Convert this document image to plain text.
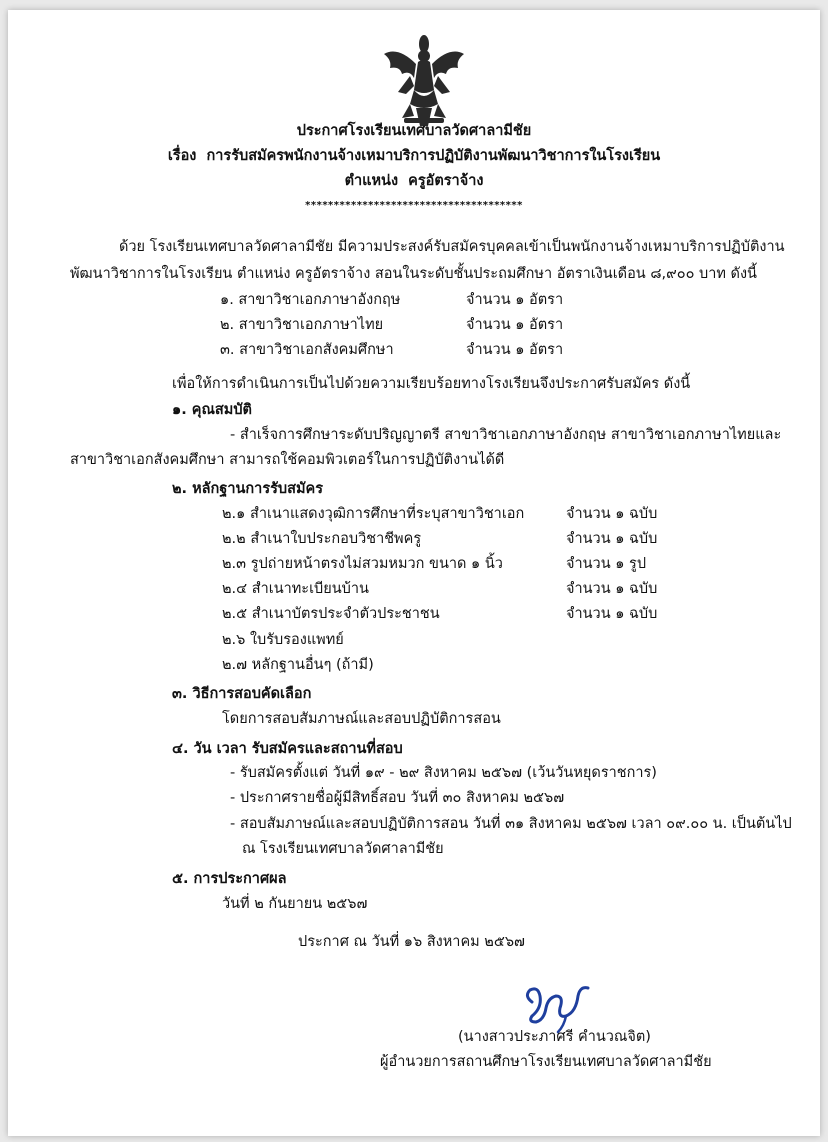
ประกาศโรงเรียนเทศบาลวัดศาลามีชัย
เรื่อง การรับสมัครพนักงานจ้างเหมาบริการปฏิบัติงานพัฒนาวิชาการในโรงเรียน
ตำแหน่ง ครูอัตราจ้าง
**************************************
ด้วย โรงเรียนเทศบาลวัดศาลามีชัย มีความประสงค์รับสมัครบุคคลเข้าเป็นพนักงานจ้างเหมาบริการปฏิบัติงาน
พัฒนาวิชาการในโรงเรียน ตำแหน่ง ครูอัตราจ้าง สอนในระดับชั้นประถมศึกษา อัตราเงินเดือน ๘,๙๐๐ บาท ดังนี้
๑. สาขาวิชาเอกภาษาอังกฤษ	จำนวน ๑ อัตรา
๒. สาขาวิชาเอกภาษาไทย	จำนวน ๑ อัตรา
๓. สาขาวิชาเอกสังคมศึกษา	จำนวน ๑ อัตรา
เพื่อให้การดำเนินการเป็นไปด้วยความเรียบร้อยทางโรงเรียนจึงประกาศรับสมัคร ดังนี้
๑. คุณสมบัติ
- สำเร็จการศึกษาระดับปริญญาตรี สาขาวิชาเอกภาษาอังกฤษ สาขาวิชาเอกภาษาไทยและ
สาขาวิชาเอกสังคมศึกษา สามารถใช้คอมพิวเตอร์ในการปฏิบัติงานได้ดี
๒. หลักฐานการรับสมัคร
๒.๑ สำเนาแสดงวุฒิการศึกษาที่ระบุสาขาวิชาเอก	จำนวน ๑ ฉบับ
๒.๒ สำเนาใบประกอบวิชาชีพครู	จำนวน ๑ ฉบับ
๒.๓ รูปถ่ายหน้าตรงไม่สวมหมวก ขนาด ๑ นิ้ว	จำนวน ๑ รูป
๒.๔ สำเนาทะเบียนบ้าน	จำนวน ๑ ฉบับ
๒.๕ สำเนาบัตรประจำตัวประชาชน	จำนวน ๑ ฉบับ
๒.๖ ใบรับรองแพทย์
๒.๗ หลักฐานอื่นๆ (ถ้ามี)
๓. วิธีการสอบคัดเลือก
โดยการสอบสัมภาษณ์และสอบปฏิบัติการสอน
๔. วัน เวลา รับสมัครและสถานที่สอบ
- รับสมัครตั้งแต่ วันที่ ๑๙ - ๒๙ สิงหาคม ๒๕๖๗ (เว้นวันหยุดราชการ)
- ประกาศรายชื่อผู้มีสิทธิ์สอบ วันที่ ๓๐ สิงหาคม ๒๕๖๗
- สอบสัมภาษณ์และสอบปฏิบัติการสอน วันที่ ๓๑ สิงหาคม ๒๕๖๗ เวลา ๐๙.๐๐ น. เป็นต้นไป
ณ โรงเรียนเทศบาลวัดศาลามีชัย
๕. การประกาศผล
วันที่ ๒ กันยายน ๒๕๖๗
ประกาศ ณ วันที่ ๑๖ สิงหาคม ๒๕๖๗
(นางสาวประภาศรี คำนวณจิต)
ผู้อำนวยการสถานศึกษาโรงเรียนเทศบาลวัดศาลามีชัย
